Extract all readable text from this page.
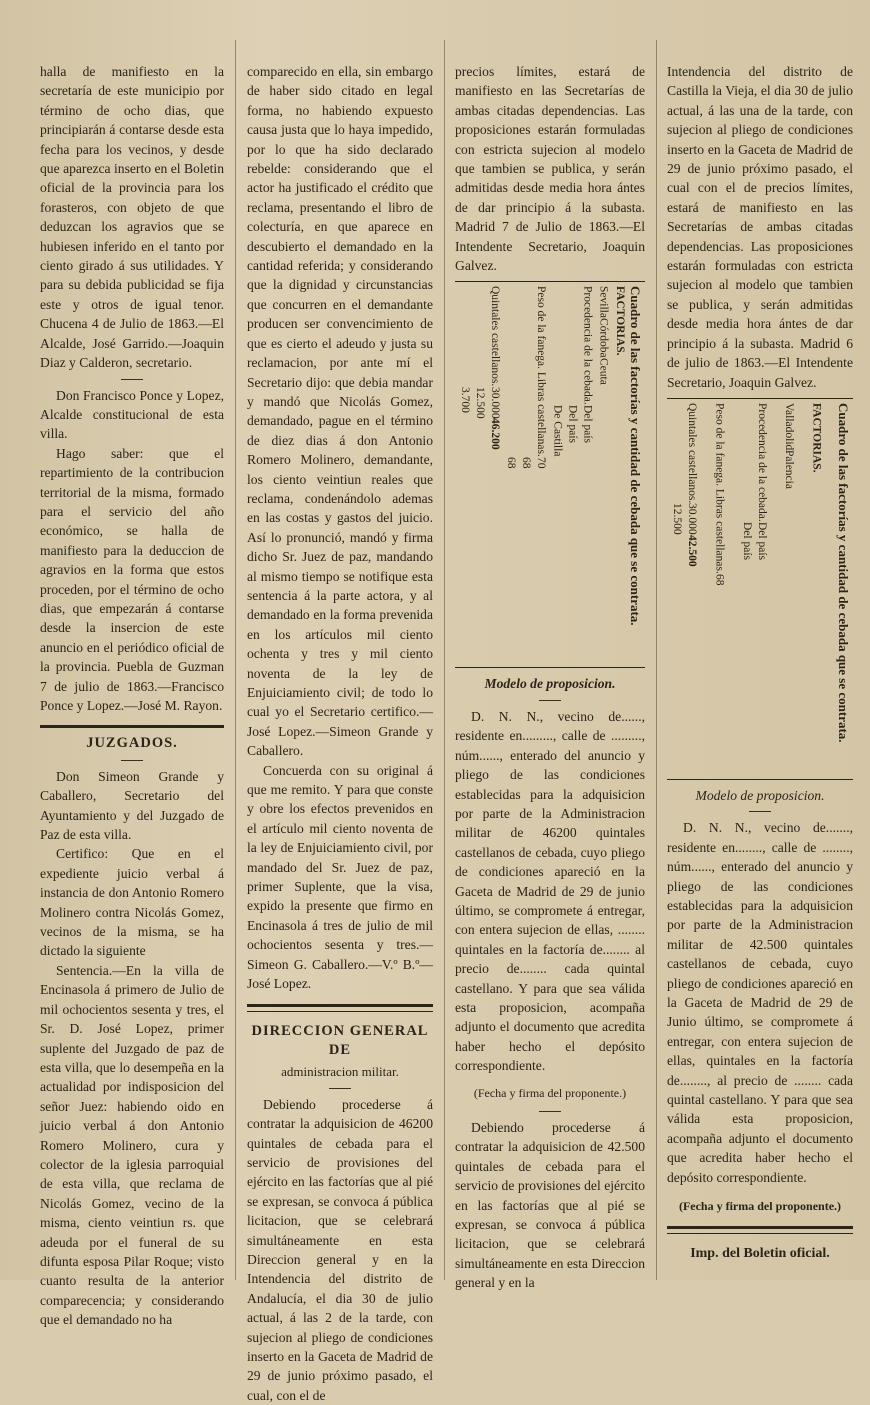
halla de manifiesto en la secretaría de este municipio por término de ocho dias, que principiarán á contarse desde esta fecha para los vecinos, y desde que aparezca inserto en el Boletin oficial de la provincia para los forasteros, con objeto de que deduzcan los agravios que se hubiesen inferido en el tanto por ciento girado á sus utilidades. Y para su debida publicidad se fija este y otros de igual tenor. Chucena 4 de Julio de 1863.—El Alcalde, José Garrido.—Joaquin Diaz y Calderon, secretario.

Don Francisco Ponce y Lopez, Alcalde constitucional de esta villa.

Hago saber: que el repartimiento de la contribucion territorial de la misma, formado para el servicio del año económico, se halla de manifiesto para la deduccion de agravios en la forma que estos proceden, por el término de ocho dias, que empezarán á contarse desde la insercion de este anuncio en el periódico oficial de la provincia. Puebla de Guzman 7 de julio de 1863.—Francisco Ponce y Lopez.—José M. Rayon.

JUZGADOS.

Don Simeon Grande y Caballero, Secretario del Ayuntamiento y del Juzgado de Paz de esta villa.

Certifico: Que en el expediente juicio verbal á instancia de don Antonio Romero Molinero contra Nicolás Gomez, vecinos de la misma, se ha dictado la siguiente

Sentencia.—En la villa de Encinasola á primero de Julio de mil ochocientos sesenta y tres, el Sr. D. José Lopez, primer suplente del Juzgado de paz de esta villa, que lo desempeña en la actualidad por indisposicion del señor Juez: habiendo oido en juicio verbal á don Antonio Romero Molinero, cura y colector de la iglesia parroquial de esta villa, que reclama de Nicolás Gomez, vecino de la misma, ciento veintiun rs. que adeuda por el funeral de su difunta esposa Pilar Roque; visto cuanto resulta de la anterior comparecencia; y considerando que el demandado no ha

comparecido en ella, sin embargo de haber sido citado en legal forma, no habiendo expuesto causa justa que lo haya impedido, por lo que ha sido declarado rebelde: considerando que el actor ha justificado el crédito que reclama, presentando el libro de colecturía, en que aparece en descubierto el demandado en la cantidad referida; y considerando que la dignidad y circunstancias que concurren en el demandante producen ser convencimiento de que es cierto el adeudo y justa su reclamacion, por ante mí el Secretario dijo: que debia mandar y mandó que Nicolás Gomez, demandado, pague en el término de diez dias á don Antonio Romero Molinero, demandante, los ciento veintiun reales que reclama, condenándolo ademas en las costas y gastos del juicio. Así lo pronunció, mandó y firma dicho Sr. Juez de paz, mandando al mismo tiempo se notifique esta sentencia á la parte actora, y al demandado en la forma prevenida en los artículos mil ciento ochenta y tres y mil ciento noventa de la ley de Enjuiciamiento civil; de todo lo cual yo el Secretario certifico.—José Lopez.—Simeon Grande y Caballero.

Concuerda con su original á que me remito. Y para que conste y obre los efectos prevenidos en el artículo mil ciento noventa de la ley de Enjuiciamiento civil, por mandado del Sr. Juez de paz, primer Suplente, que la visa, expido la presente que firmo en Encinasola á tres de julio de mil ochocientos sesenta y tres.—Simeon G. Caballero.—V.º B.º—José Lopez.

DIRECCION GENERAL DE
administracion militar.

Debiendo procederse á contratar la adquisicion de 46200 quintales de cebada para el servicio de provisiones del ejército en las factorías que al pié se expresan, se convoca á pública licitacion, que se celebrará simultáneamente en esta Direccion general y en la Intendencia del distrito de Andalucía, el dia 30 de julio actual, á las 2 de la tarde, con sujecion al pliego de condiciones inserto en la Gaceta de Madrid de 29 de junio próximo pasado, el cual, con el de

precios límites, estará de manifiesto en las Secretarías de ambas citadas dependencias. Las proposiciones estarán formuladas con estricta sujecion al modelo que tambien se publica, y serán admitidas desde media hora ántes de dar principio á la subasta. Madrid 7 de Julio de 1863.—El Intendente Secretario, Joaquin Galvez.

Cuadro de las factorías y cantidad de cebada que se contrata.
FACTORIAS.
Sevilla
Córdoba
Ceuta
Procedencia de la cebada.
Del país
Del país
De Castilla
Peso de la fanega. Libras castellanas.
70
68
68
Quintales castellanos.
30.000
12.500
3.700
46.200
Modelo de proposicion.

D. N. N., vecino de......, residente en........., calle de ........., núm......, enterado del anuncio y pliego de las condiciones establecidas para la adquisicion por parte de la Administracion militar de 46200 quintales castellanos de cebada, cuyo pliego de condiciones apareció en la Gaceta de Madrid de 29 de junio último, se compromete á entregar, con entera sujecion de ellas, ........ quintales en la factoría de........ al precio de........ cada quintal castellano. Y para que sea válida esta proposicion, acompaña adjunto el documento que acredita haber hecho el depósito correspondiente.

(Fecha y firma del proponente.)

Debiendo procederse á contratar la adquisicion de 42.500 quintales de cebada para el servicio de provisiones del ejército en las factorías que al pié se expresan, se convoca á pública licitacion, que se celebrará simultáneamente en esta Direccion general y en la

Intendencia del distrito de Castilla la Vieja, el dia 30 de julio actual, á las una de la tarde, con sujecion al pliego de condiciones inserto en la Gaceta de Madrid de 29 de junio próximo pasado, el cual con el de precios límites, estará de manifiesto en las Secretarías de ambas citadas dependencias. Las proposiciones estarán formuladas con estricta sujecion al modelo que tambien se publica, y serán admitidas desde media hora ántes de dar principio á la subasta. Madrid 6 de julio de 1863.—El Intendente Secretario, Joaquin Galvez.

Cuadro de las factorías y cantidad de cebada que se contrata.
FACTORIAS.
Valladolid
Palencia
Procedencia de la cebada.
Del país
Del país
Peso de la fanega. Libras castellanas.
68
Quintales castellanos.
30.000
12.500
42.500
Modelo de proposicion.

D. N. N., vecino de......., residente en........, calle de ........, núm......, enterado del anuncio y pliego de las condiciones establecidas para la adquisicion por parte de la Administracion militar de 42.500 quintales castellanos de cebada, cuyo pliego de condiciones apareció en la Gaceta de Madrid de 29 de Junio último, se compromete á entregar, con entera sujecion de ellas, quintales en la factoría de........, al precio de ........ cada quintal castellano. Y para que sea válida esta proposicion, acompaña adjunto el documento que acredita haber hecho el depósito correspondiente.

(Fecha y firma del proponente.)
Imp. del Boletin oficial.
